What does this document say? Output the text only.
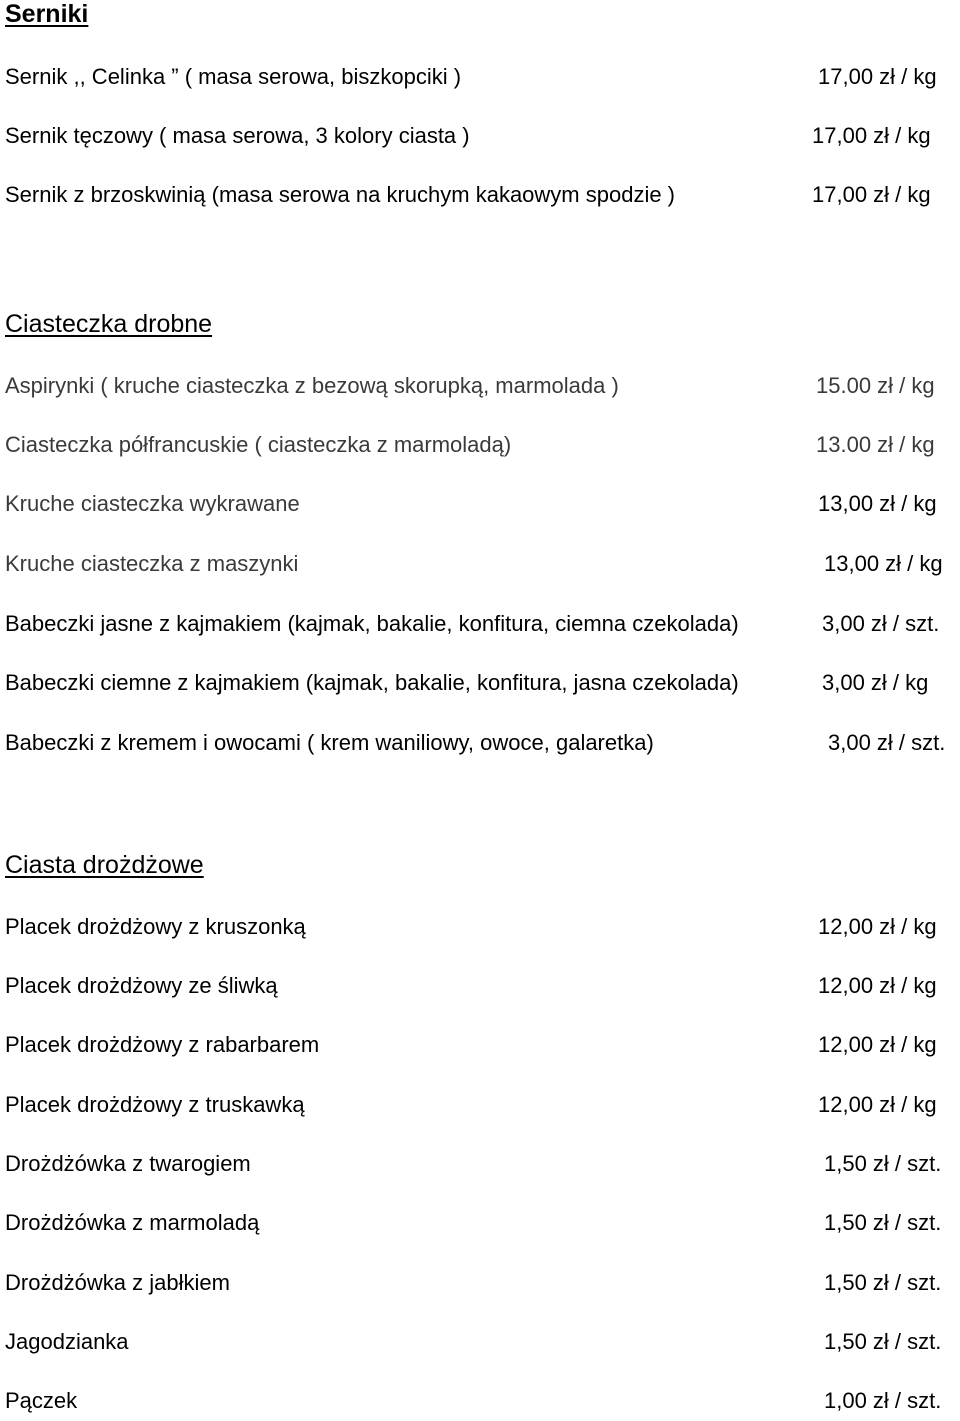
Serniki
Sernik ,, Celinka ” ( masa serowa, biszkopciki )	17,00 zł / kg
Sernik tęczowy ( masa serowa, 3 kolory ciasta )	17,00 zł / kg
Sernik z brzoskwinią (masa serowa na kruchym kakaowym spodzie )	17,00 zł / kg
Ciasteczka drobne
Aspirynki ( kruche ciasteczka z bezową skorupką, marmolada )	15.00 zł / kg
Ciasteczka półfrancuskie ( ciasteczka z marmoladą)	13.00 zł / kg
Kruche ciasteczka wykrawane	13,00 zł / kg
Kruche ciasteczka z maszynki	13,00 zł / kg
Babeczki jasne z kajmakiem (kajmak, bakalie, konfitura, ciemna czekolada)	3,00 zł / szt.
Babeczki ciemne z kajmakiem (kajmak, bakalie, konfitura, jasna czekolada)	3,00 zł / kg
Babeczki z kremem i owocami ( krem waniliowy, owoce, galaretka)	3,00 zł / szt.
Ciasta drożdżowe
Placek drożdżowy z kruszonką	12,00 zł / kg
Placek drożdżowy ze śliwką	12,00 zł / kg
Placek drożdżowy z rabarbarem	12,00 zł / kg
Placek drożdżowy z truskawką	12,00 zł / kg
Drożdżówka z twarogiem	1,50 zł / szt.
Drożdżówka z marmoladą	1,50 zł / szt.
Drożdżówka z jabłkiem	1,50 zł / szt.
Jagodzianka	1,50 zł / szt.
Pączek	1,00 zł / szt.
